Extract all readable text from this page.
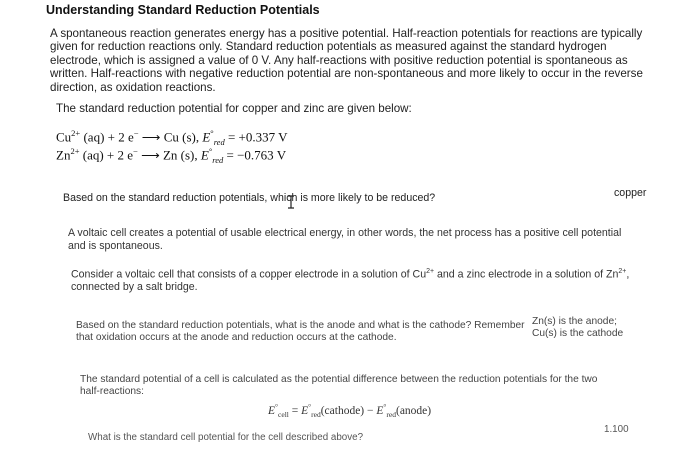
Understanding Standard Reduction Potentials
A spontaneous reaction generates energy has a positive potential. Half-reaction potentials for reactions are typically given for reduction reactions only. Standard reduction potentials as measured against the standard hydrogen electrode, which is assigned a value of 0 V. Any half-reactions with positive reduction potential is spontaneous as written. Half-reactions with negative reduction potential are non-spontaneous and more likely to occur in the reverse direction, as oxidation reactions.
The standard reduction potential for copper and zinc are given below:
$Cu^{2+}$ (aq) + 2 e− ⟶ Cu (s), $E^\circ_{red} = +0.337$ V
$Zn^{2+}$ (aq) + 2 e− ⟶ Zn (s), $E^\circ_{red} = -0.763$ V
Based on the standard reduction potentials, which is more likely to be reduced?	copper
A voltaic cell creates a potential of usable electrical energy, in other words, the net process has a positive cell potential and is spontaneous.
Consider a voltaic cell that consists of a copper electrode in a solution of $Cu^{2+}$ and a zinc electrode in a solution of $Zn^{2+}$, connected by a salt bridge.
Based on the standard reduction potentials, what is the anode and what is the cathode? Remember that oxidation occurs at the anode and reduction occurs at the cathode.
Zn(s) is the anode;
Cu(s) is the cathode
The standard potential of a cell is calculated as the potential difference between the reduction potentials for the two half-reactions:
$E^\circ_{cell}$ = $E^\circ_{red}(cathode)$ − $E^\circ_{red}(anode)$
What is the standard cell potential for the cell described above?
1.100
